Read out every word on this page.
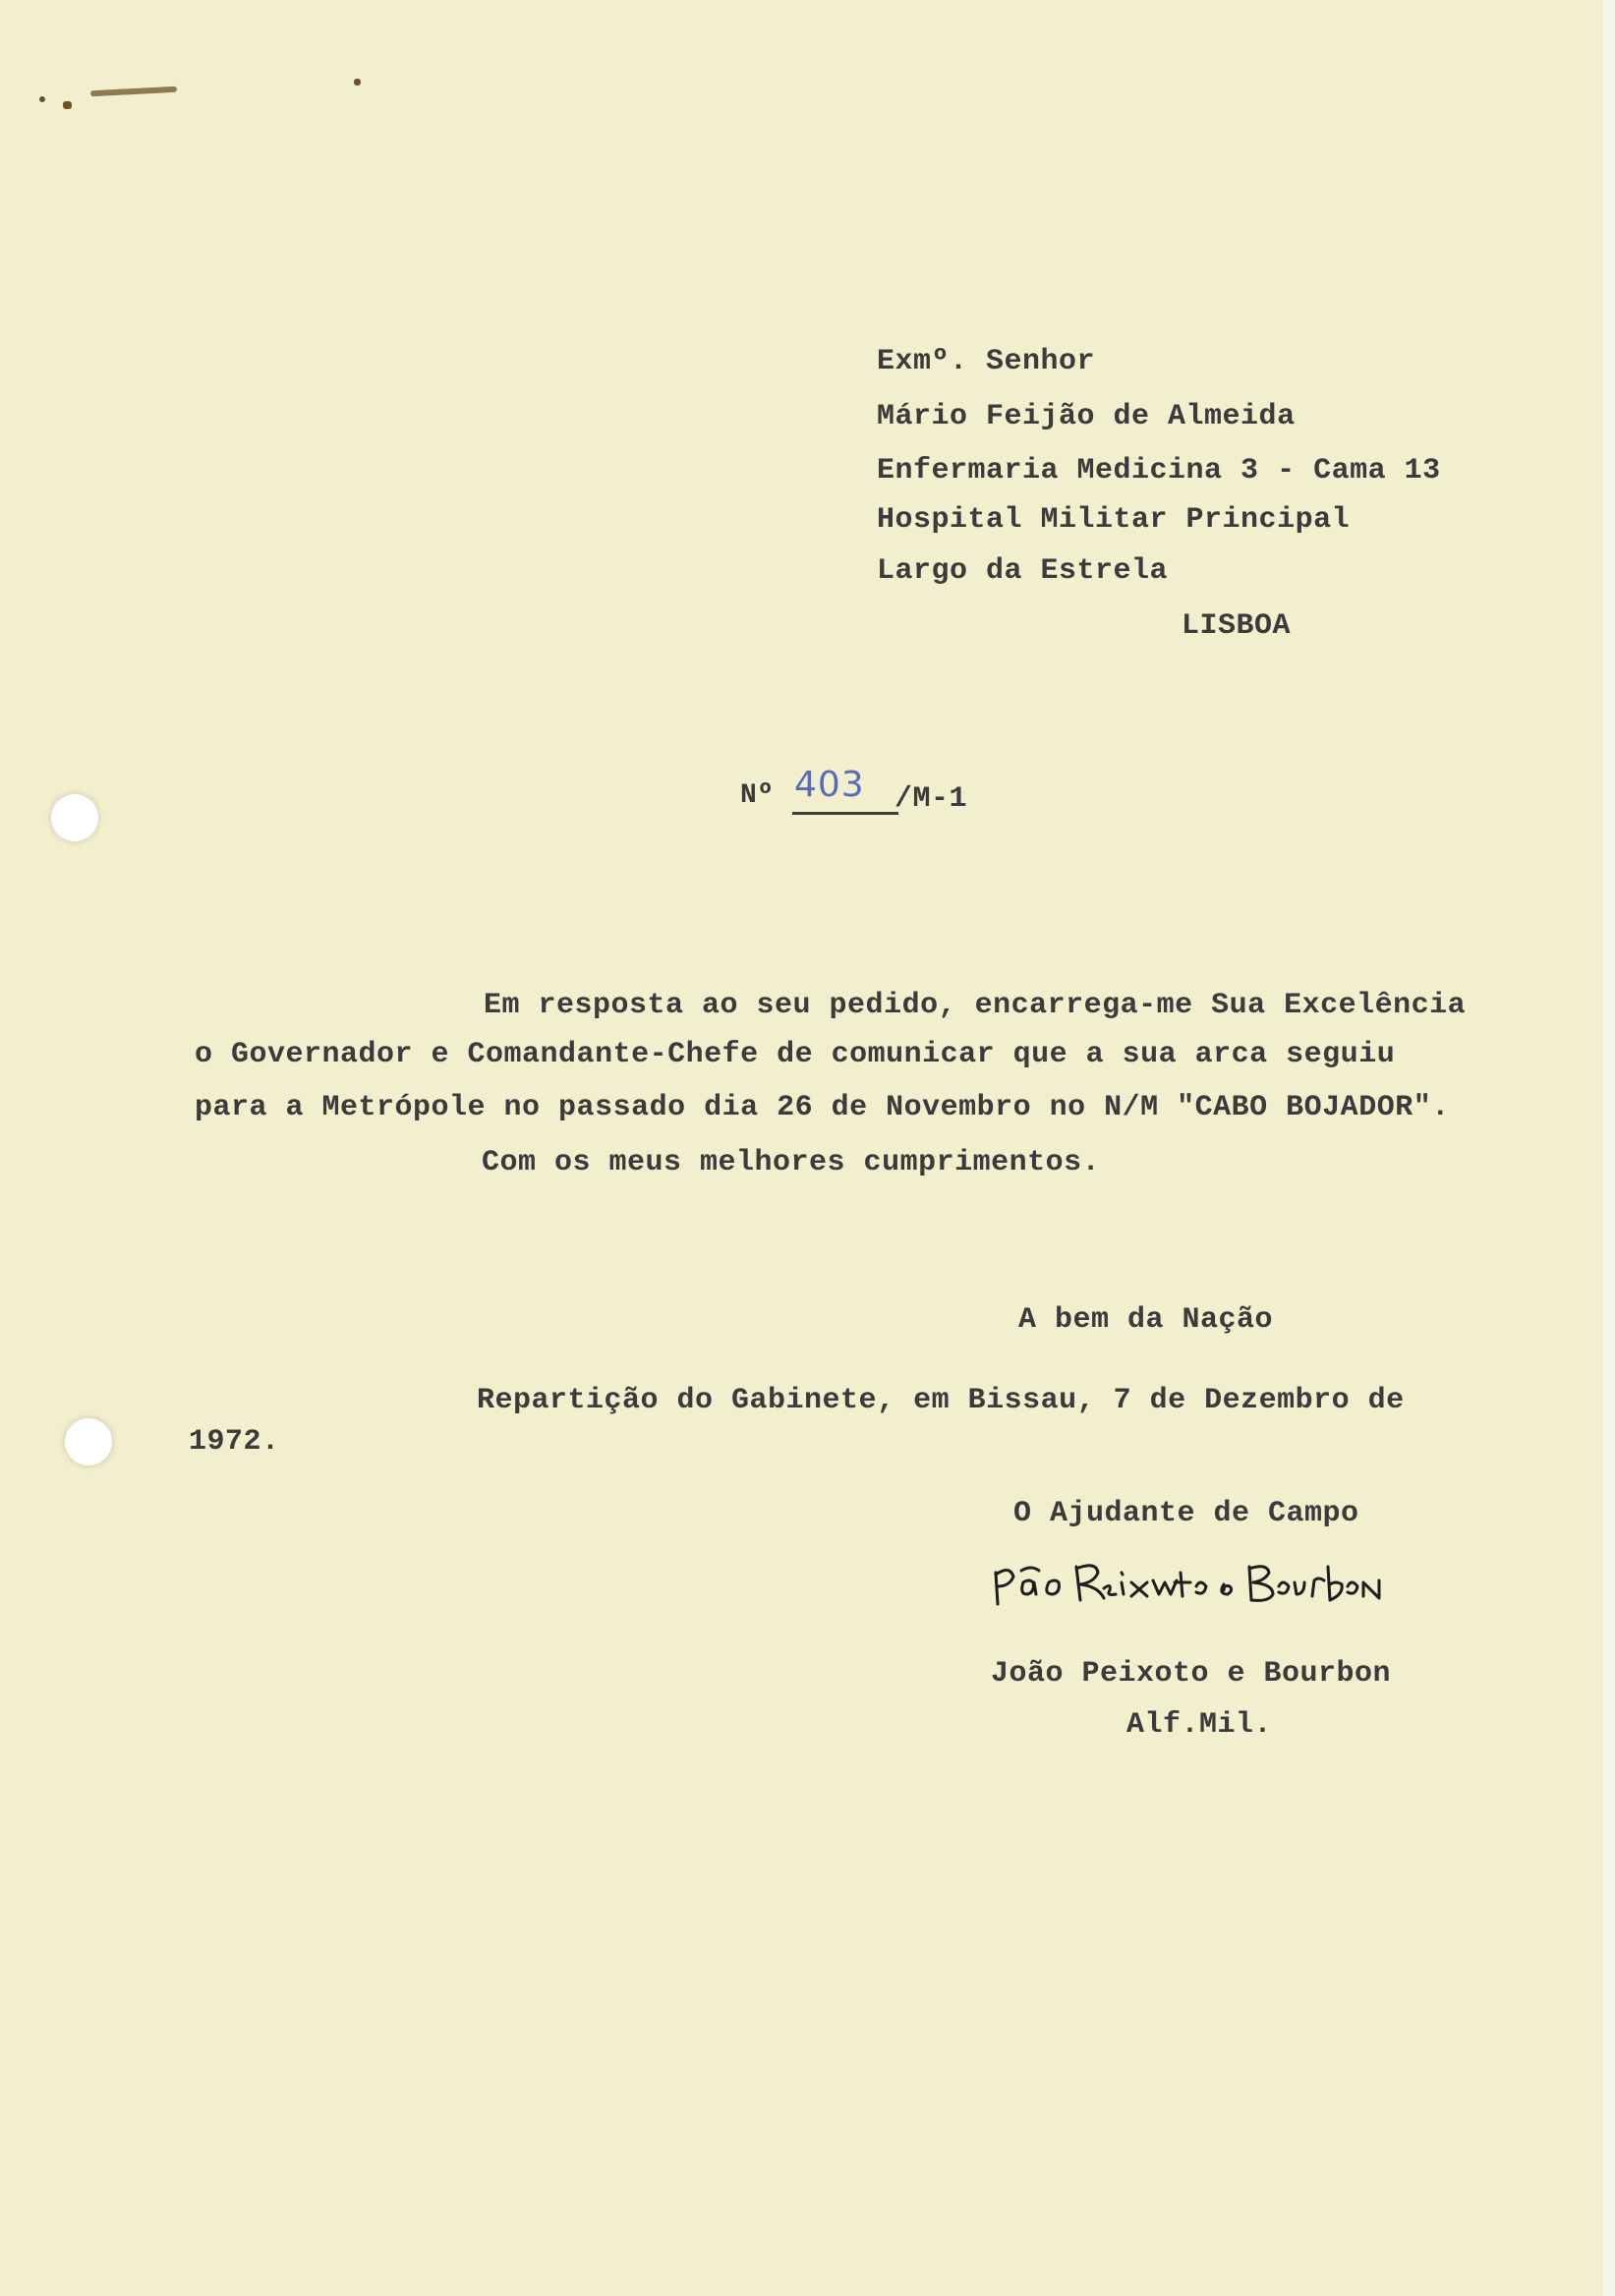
Exmº. Senhor

Mário Feijão de Almeida

Enfermaria Medicina 3 - Cama 13

Hospital Militar Principal

Largo da Estrela

LISBOA

Nº 403 /M-1

Em resposta ao seu pedido, encarrega-me Sua Excelência

o Governador e Comandante-Chefe de comunicar que a sua arca seguiu

para a Metrópole no passado dia 26 de Novembro no N/M "CABO BOJADOR".

Com os meus melhores cumprimentos.

A bem da Nação

Repartição do Gabinete, em Bissau, 7 de Dezembro de

1972.

O Ajudante de Campo

João Peixoto e Bourbon

Alf.Mil.
